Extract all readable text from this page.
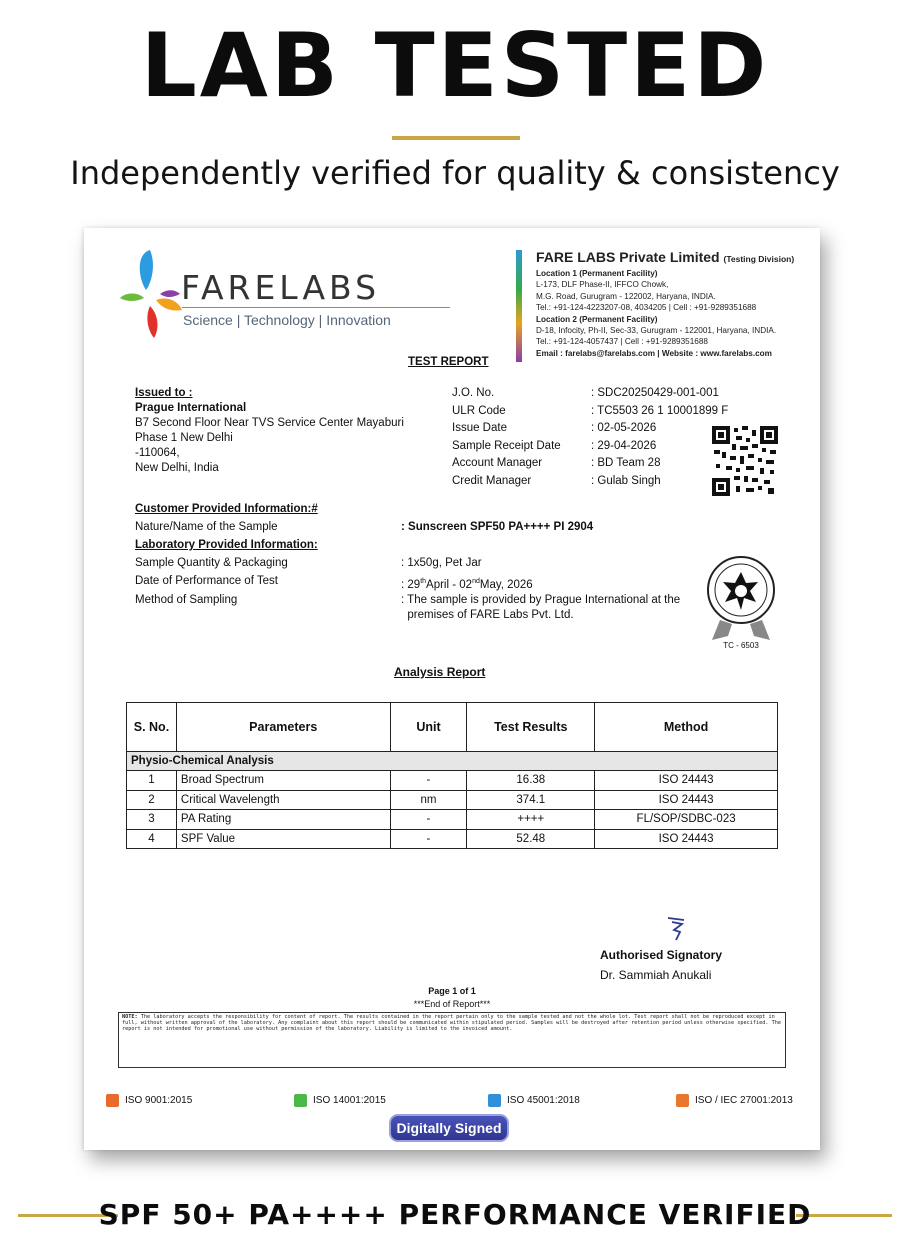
LAB TESTED
Independently verified for quality & consistency
FARELABS
Science | Technology | Innovation
FARE LABS Private Limited (Testing Division)
Location 1 (Permanent Facility)
L-173, DLF Phase-II, IFFCO Chowk,
M.G. Road, Gurugram - 122002, Haryana, INDIA.
Tel.: +91-124-4223207-08, 4034205 | Cell : +91-9289351688
Location 2 (Permanent Facility)
D-18, Infocity, Ph-II, Sec-33, Gurugram - 122001, Haryana, INDIA.
Tel.: +91-124-4057437 | Cell : +91-9289351688
Email : farelabs@farelabs.com | Website : www.farelabs.com
TEST REPORT
Issued to :
Prague International
B7 Second Floor Near TVS Service Center Mayaburi
Phase 1 New Delhi
-110064,
New Delhi, India
J.O. No.	: SDC20250429-001-001
ULR Code	: TC5503 26 1 10001899 F
Issue Date	: 02-05-2026
Sample Receipt Date	: 29-04-2026
Account Manager	: BD Team 28
Credit Manager	: Gulab Singh
Customer Provided Information:#
Nature/Name of the Sample	: Sunscreen SPF50 PA++++ PI 2904
Laboratory Provided Information:
Sample Quantity & Packaging	: 1x50g, Pet Jar
Date of Performance of Test	: 29thApril - 02ndMay, 2026
Method of Sampling	: The sample is provided by Prague International at the
premises of FARE Labs Pvt. Ltd.
TC - 6503
Analysis Report
S. No.	Parameters	Unit	Test Results	Method
Physio-Chemical Analysis				
1	Broad Spectrum	-	16.38	ISO 24443
2	Critical Wavelength	nm	374.1	ISO 24443
3	PA Rating	-	++++	FL/SOP/SDBC-023
4	SPF Value	-	52.48	ISO 24443
Authorised Signatory
Dr. Sammiah Anukali
Page 1 of 1
***End of Report***
NOTE: The laboratory accepts the responsibility for content of report. The results contained in the report pertain only to the sample tested and not the whole lot. Test report shall not be reproduced except in full, without written approval of the laboratory. Any complaint about this report should be communicated within stipulated period. Samples will be destroyed after retention period unless otherwise specified. The report is not intended for promotional use without permission of the laboratory. Liability is limited to the invoiced amount.
ISO 9001:2015	ISO 14001:2015	ISO 45001:2018	ISO / IEC 27001:2013
Digitally Signed
SPF 50+ PA++++ PERFORMANCE VERIFIED
